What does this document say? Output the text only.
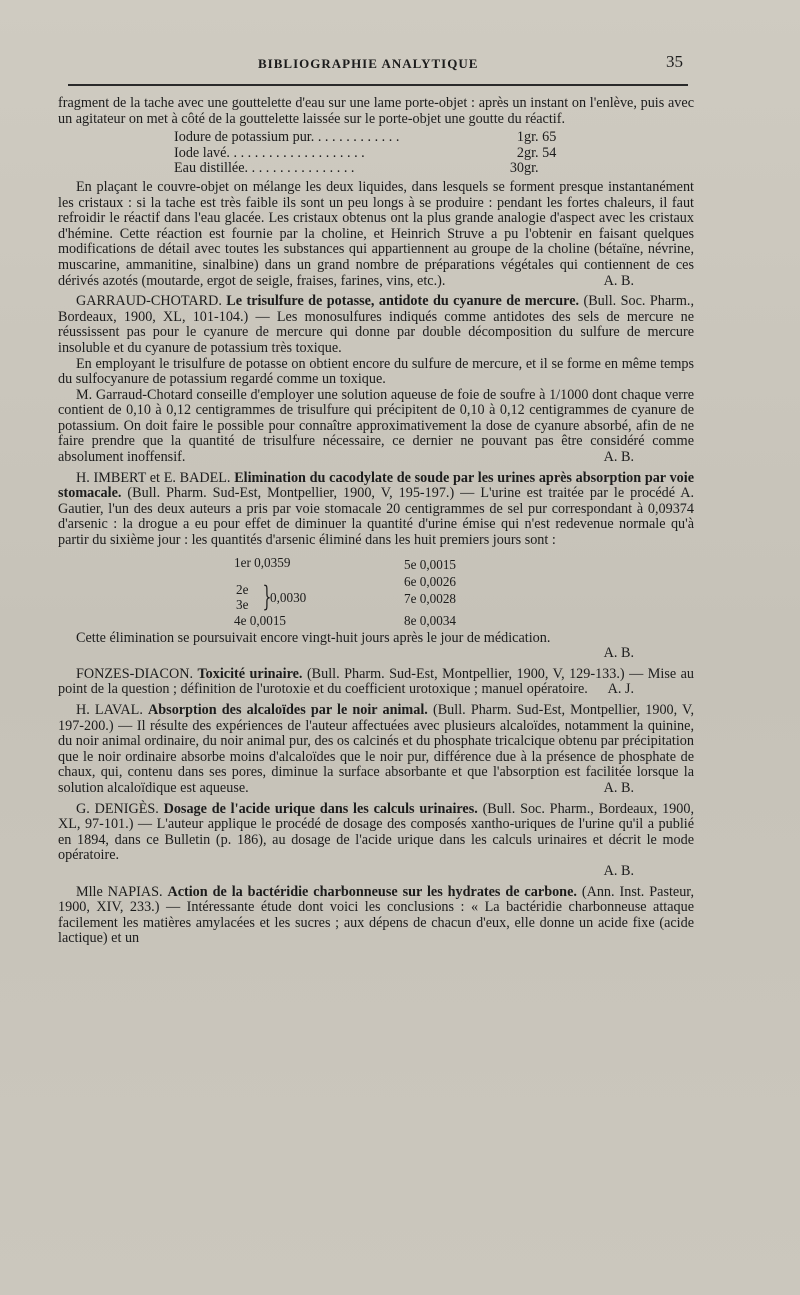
BIBLIOGRAPHIE ANALYTIQUE	35

fragment de la tache avec une gouttelette d'eau sur une lame porte-objet : après un instant on l'enlève, puis avec un agitateur on met à côté de la gouttelette laissée sur le porte-objet une goutte du réactif.

Iodure de potassium pur. . . . . . . . . . . . .	1	gr. 65
Iode lavé. . . . . . . . . . . . . . . . . . . .	2	gr. 54
Eau distillée. . . . . . . . . . . . . . . .	30	gr.

En plaçant le couvre-objet on mélange les deux liquides, dans lesquels se forment presque instantanément les cristaux : si la tache est très faible ils sont un peu longs à se produire : pendant les fortes chaleurs, il faut refroidir le réactif dans l'eau glacée. Les cristaux obtenus ont la plus grande analogie d'aspect avec les cristaux d'hémine. Cette réaction est fournie par la choline, et Heinrich Struve a pu l'obtenir en faisant quelques modifications de détail avec toutes les substances qui appartiennent au groupe de la choline (bétaïne, névrine, muscarine, ammanitine, sinalbine) dans un grand nombre de préparations végétales qui contiennent de ces dérivés azotés (moutarde, ergot de seigle, fraises, farines, vins, etc.).	A. B.

GARRAUD-CHOTARD. Le trisulfure de potasse, antidote du cyanure de mercure. (Bull. Soc. Pharm., Bordeaux, 1900, XL, 101-104.) — Les monosulfures indiqués comme antidotes des sels de mercure ne réussissent pas pour le cyanure de mercure qui donne par double décomposition du sulfure de mercure insoluble et du cyanure de potassium très toxique.

En employant le trisulfure de potasse on obtient encore du sulfure de mercure, et il se forme en même temps du sulfocyanure de potassium regardé comme un toxique.

M. Garraud-Chotard conseille d'employer une solution aqueuse de foie de soufre à 1/1000 dont chaque verre contient de 0,10 à 0,12 centigrammes de trisulfure qui précipitent de 0,10 à 0,12 centigrammes de cyanure de potassium. On doit faire le possible pour connaître approximativement la dose de cyanure absorbé, afin de ne faire prendre que la quantité de trisulfure nécessaire, ce dernier ne pouvant pas être considéré comme absolument inoffensif.	A. B.

H. IMBERT et E. BADEL. Elimination du cacodylate de soude par les urines après absorption par voie stomacale. (Bull. Pharm. Sud-Est, Montpellier, 1900, V, 195-197.) — L'urine est traitée par le procédé A. Gautier, l'un des deux auteurs a pris par voie stomacale 20 centigrammes de sel pur correspondant à 0,09374 d'arsenic : la drogue a eu pour effet de diminuer la quantité d'urine émise qui n'est redevenue normale qu'à partir du sixième jour : les quantités d'arsenic éliminé dans les huit premiers jours sont :

1er 0,0359
2e
3e }
0,0030
4e 0,0015
5e 0,0015
6e 0,0026
7e 0,0028
8e 0,0034

Cette élimination se poursuivait encore vingt-huit jours après le jour de médication.

A. B.

FONZES-DIACON. Toxicité urinaire. (Bull. Pharm. Sud-Est, Montpellier, 1900, V, 129-133.) — Mise au point de la question ; définition de l'urotoxie et du coefficient urotoxique ; manuel opératoire.	A. J.

H. LAVAL. Absorption des alcaloïdes par le noir animal. (Bull. Pharm. Sud-Est, Montpellier, 1900, V, 197-200.) — Il résulte des expériences de l'auteur affectuées avec plusieurs alcaloïdes, notamment la quinine, du noir animal ordinaire, du noir animal pur, des os calcinés et du phosphate tricalcique obtenu par précipitation que le noir ordinaire absorbe moins d'alcaloïdes que le noir pur, différence due à la présence de phosphate de chaux, qui, contenu dans ses pores, diminue la surface absorbante et que l'absorption est facilitée lorsque la solution alcaloïdique est aqueuse.	A. B.

G. DENIGÈS. Dosage de l'acide urique dans les calculs urinaires. (Bull. Soc. Pharm., Bordeaux, 1900, XL, 97-101.) — L'auteur applique le procédé de dosage des composés xantho-uriques de l'urine qu'il a publié en 1894, dans ce Bulletin (p. 186), au dosage de l'acide urique dans les calculs urinaires et décrit le mode opératoire.

A. B.

Mlle NAPIAS. Action de la bactéridie charbonneuse sur les hydrates de carbone. (Ann. Inst. Pasteur, 1900, XIV, 233.) — Intéressante étude dont voici les conclusions : « La bactéridie charbonneuse attaque facilement les matières amylacées et les sucres ; aux dépens de chacun d'eux, elle donne un acide fixe (acide lactique) et un
